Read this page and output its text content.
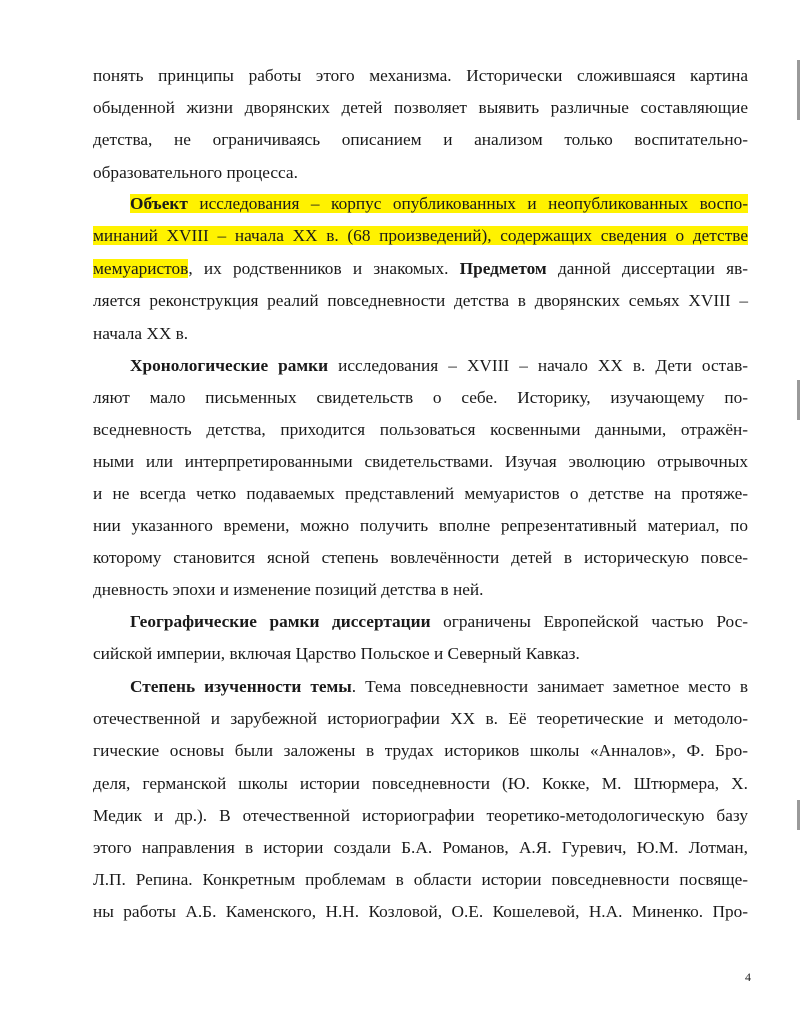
понять принципы работы этого механизма. Исторически сложившаяся картина
обыденной жизни дворянских детей позволяет выявить различные составляющие
детства, не ограничиваясь описанием и анализом только воспитательно-
образовательного процесса.
Объект исследования – корпус опубликованных и неопубликованных воспо-
минаний XVIII – начала XX в. (68 произведений), содержащих сведения о детстве
мемуаристов, их родственников и знакомых. Предметом данной диссертации яв-
ляется реконструкция реалий повседневности детства в дворянских семьях XVIII –
начала XX в.
Хронологические рамки исследования – XVIII – начало XX в. Дети остав-
ляют мало письменных свидетельств о себе. Историку, изучающему по-
вседневность детства, приходится пользоваться косвенными данными, отражён-
ными или интерпретированными свидетельствами. Изучая эволюцию отрывочных
и не всегда четко подаваемых представлений мемуаристов о детстве на протяже-
нии указанного времени, можно получить вполне репрезентативный материал, по
которому становится ясной степень вовлечённости детей в историческую повсе-
дневность эпохи и изменение позиций детства в ней.
Географические рамки диссертации ограничены Европейской частью Рос-
сийской империи, включая Царство Польское и Северный Кавказ.
Степень изученности темы. Тема повседневности занимает заметное место в
отечественной и зарубежной историографии XX в. Её теоретические и методоло-
гические основы были заложены в трудах историков школы «Анналов», Ф. Бро-
деля, германской школы истории повседневности (Ю. Кокке, М. Штюрмера, Х.
Медик и др.). В отечественной историографии теоретико-методологическую базу
этого направления в истории создали Б.А. Романов, А.Я. Гуревич, Ю.М. Лотман,
Л.П. Репина. Конкретным проблемам в области истории повседневности посвяще-
ны работы А.Б. Каменского, Н.Н. Козловой, О.Е. Кошелевой, Н.А. Миненко. Про-
4
